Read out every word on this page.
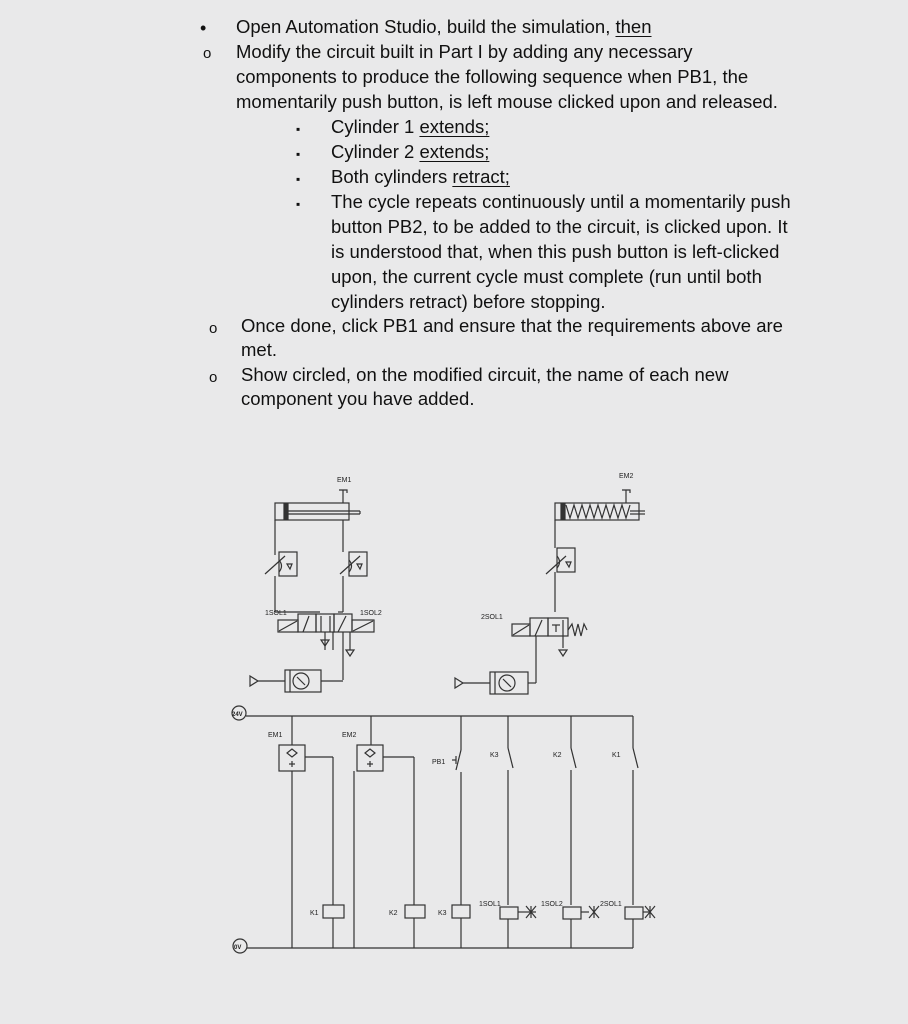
• Open Automation Studio, build the simulation, then
o Modify the circuit built in Part I by adding any necessary
components to produce the following sequence when PB1, the
momentarily push button, is left mouse clicked upon and released.
▪ Cylinder 1 extends;
▪ Cylinder 2 extends;
▪ Both cylinders retract;
▪ The cycle repeats continuously until a momentarily push
button PB2, to be added to the circuit, is clicked upon. It
is understood that, when this push button is left-clicked
upon, the current cycle must complete (run until both
cylinders retract) before stopping.
o Once done, click PB1 and ensure that the requirements above are
met.
o Show circled, on the modified circuit, the name of each new
component you have added.
EM1
1SOL1	1SOL2
EM2
2SOL1
24V
0V
EM1
K1
EM2
K2
PB1
K3
K3
1SOL1
K2
1SOL2
K1
2SOL1
